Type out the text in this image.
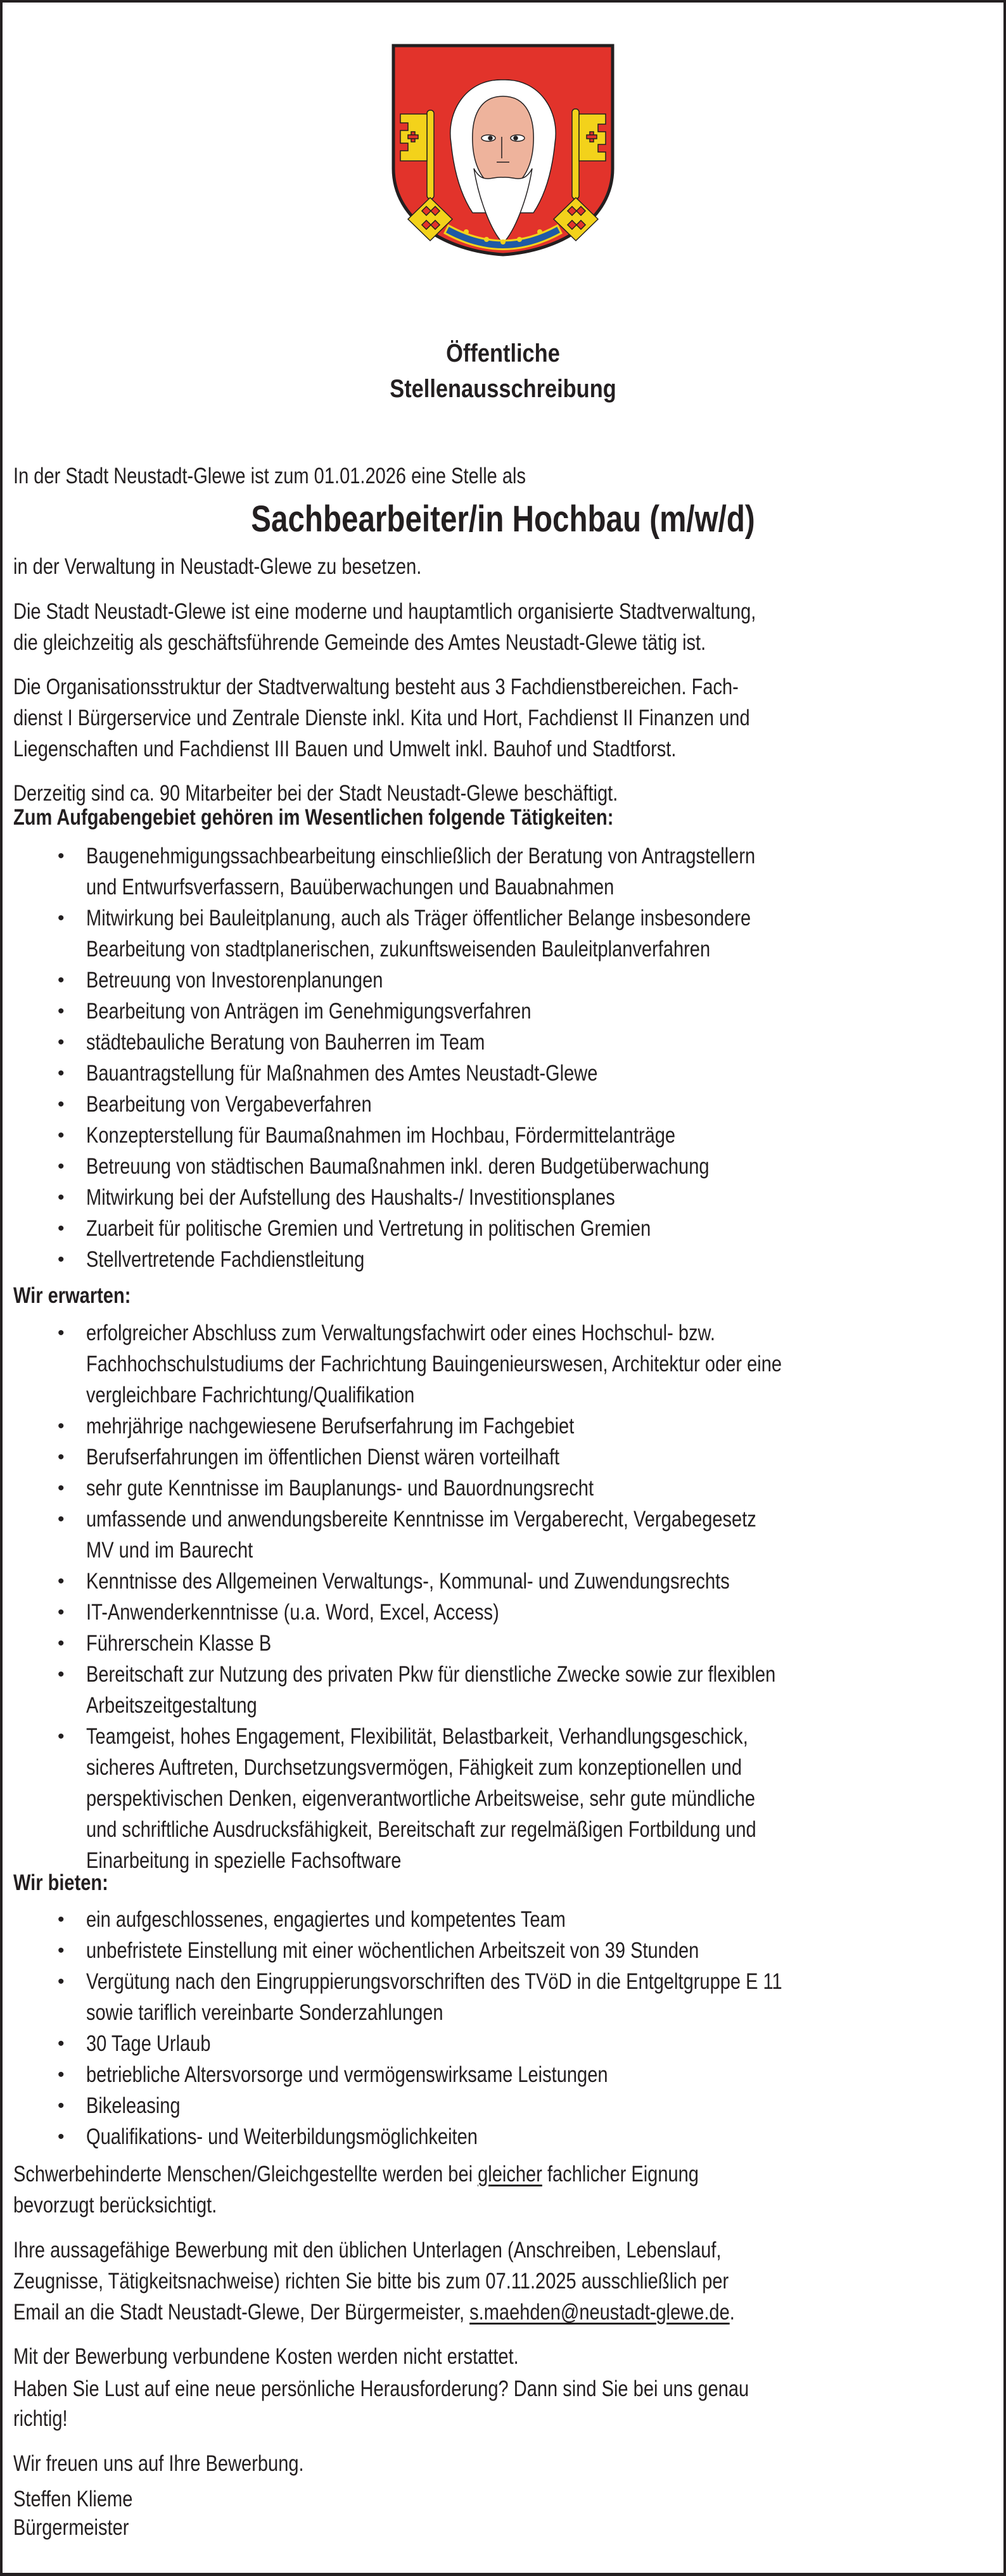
Öffentliche
Stellenausschreibung
In der Stadt Neustadt-Glewe ist zum 01.01.2026 eine Stelle als
Sachbearbeiter/in Hochbau (m/w/d)
in der Verwaltung in Neustadt-Glewe zu besetzen.
Die Stadt Neustadt-Glewe ist eine moderne und hauptamtlich organisierte Stadtverwaltung,
die gleichzeitig als geschäftsführende Gemeinde des Amtes Neustadt-Glewe tätig ist.
Die Organisationsstruktur der Stadtverwaltung besteht aus 3 Fachdienstbereichen. Fach-
dienst I Bürgerservice und Zentrale Dienste inkl. Kita und Hort, Fachdienst II Finanzen und
Liegenschaften und Fachdienst III Bauen und Umwelt inkl. Bauhof und Stadtforst.
Derzeitig sind ca. 90 Mitarbeiter bei der Stadt Neustadt-Glewe beschäftigt.
Zum Aufgabengebiet gehören im Wesentlichen folgende Tätigkeiten:
• Baugenehmigungssachbearbeitung einschließlich der Beratung von Antragstellern
und Entwurfsverfassern, Bauüberwachungen und Bauabnahmen
• Mitwirkung bei Bauleitplanung, auch als Träger öffentlicher Belange insbesondere
Bearbeitung von stadtplanerischen, zukunftsweisenden Bauleitplanverfahren
• Betreuung von Investorenplanungen
• Bearbeitung von Anträgen im Genehmigungsverfahren
• städtebauliche Beratung von Bauherren im Team
• Bauantragstellung für Maßnahmen des Amtes Neustadt-Glewe
• Bearbeitung von Vergabeverfahren
• Konzepterstellung für Baumaßnahmen im Hochbau, Fördermittelanträge
• Betreuung von städtischen Baumaßnahmen inkl. deren Budgetüberwachung
• Mitwirkung bei der Aufstellung des Haushalts-/ Investitionsplanes
• Zuarbeit für politische Gremien und Vertretung in politischen Gremien
• Stellvertretende Fachdienstleitung
Wir erwarten:
• erfolgreicher Abschluss zum Verwaltungsfachwirt oder eines Hochschul- bzw.
Fachhochschulstudiums der Fachrichtung Bauingenieurswesen, Architektur oder eine
vergleichbare Fachrichtung/Qualifikation
• mehrjährige nachgewiesene Berufserfahrung im Fachgebiet
• Berufserfahrungen im öffentlichen Dienst wären vorteilhaft
• sehr gute Kenntnisse im Bauplanungs- und Bauordnungsrecht
• umfassende und anwendungsbereite Kenntnisse im Vergaberecht, Vergabegesetz
MV und im Baurecht
• Kenntnisse des Allgemeinen Verwaltungs-, Kommunal- und Zuwendungsrechts
• IT-Anwenderkenntnisse (u.a. Word, Excel, Access)
• Führerschein Klasse B
• Bereitschaft zur Nutzung des privaten Pkw für dienstliche Zwecke sowie zur flexiblen
Arbeitszeitgestaltung
• Teamgeist, hohes Engagement, Flexibilität, Belastbarkeit, Verhandlungsgeschick,
sicheres Auftreten, Durchsetzungsvermögen, Fähigkeit zum konzeptionellen und
perspektivischen Denken, eigenverantwortliche Arbeitsweise, sehr gute mündliche
und schriftliche Ausdrucksfähigkeit, Bereitschaft zur regelmäßigen Fortbildung und
Einarbeitung in spezielle Fachsoftware
Wir bieten:
• ein aufgeschlossenes, engagiertes und kompetentes Team
• unbefristete Einstellung mit einer wöchentlichen Arbeitszeit von 39 Stunden
• Vergütung nach den Eingruppierungsvorschriften des TVöD in die Entgeltgruppe E 11
sowie tariflich vereinbarte Sonderzahlungen
• 30 Tage Urlaub
• betriebliche Altersvorsorge und vermögenswirksame Leistungen
• Bikeleasing
• Qualifikations- und Weiterbildungsmöglichkeiten
Schwerbehinderte Menschen/Gleichgestellte werden bei gleicher fachlicher Eignung
bevorzugt berücksichtigt.
Ihre aussagefähige Bewerbung mit den üblichen Unterlagen (Anschreiben, Lebenslauf,
Zeugnisse, Tätigkeitsnachweise) richten Sie bitte bis zum 07.11.2025 ausschließlich per
Email an die Stadt Neustadt-Glewe, Der Bürgermeister, s.maehden@neustadt-glewe.de.
Mit der Bewerbung verbundene Kosten werden nicht erstattet.
Haben Sie Lust auf eine neue persönliche Herausforderung? Dann sind Sie bei uns genau
richtig!
Wir freuen uns auf Ihre Bewerbung.
Steffen Klieme
Bürgermeister
